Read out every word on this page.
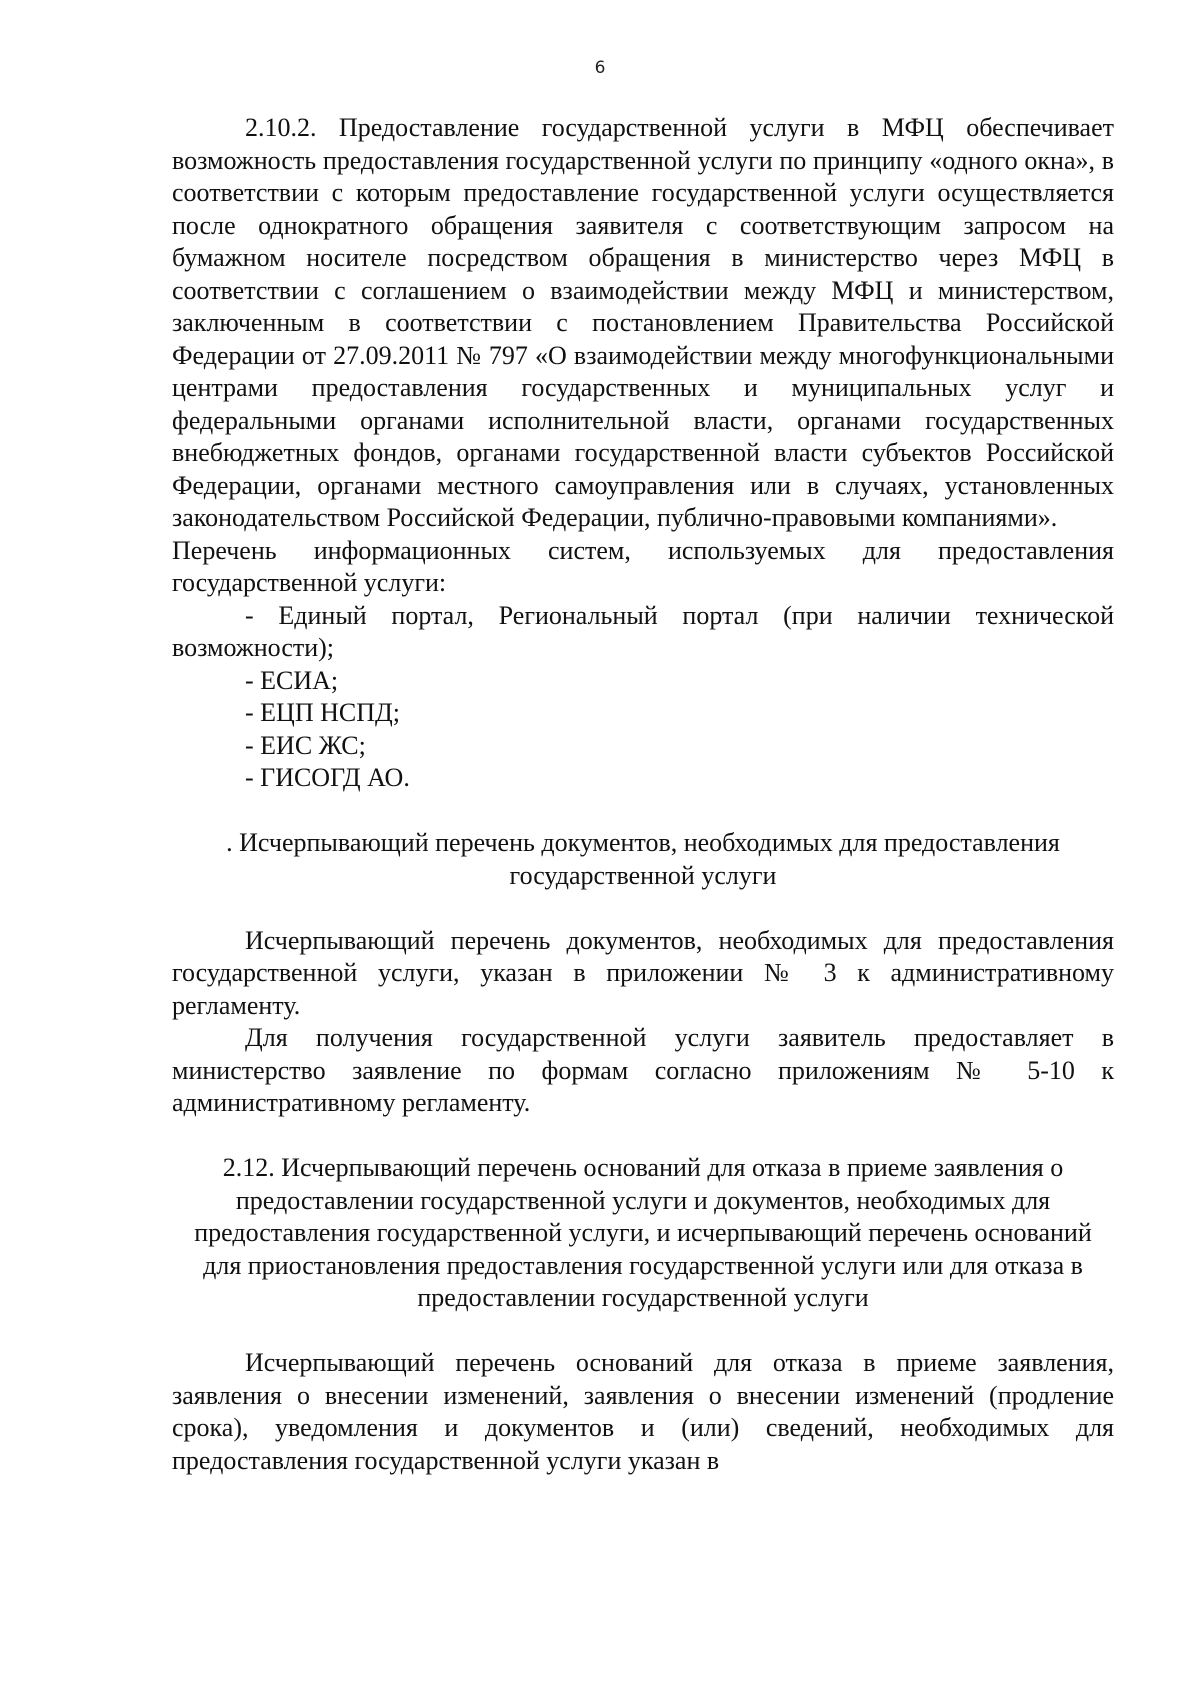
6

2.10.2. Предоставление государственной услуги в МФЦ обеспечивает возможность предоставления государственной услуги по принципу «одного окна», в соответствии с которым предоставление государственной услуги осуществляется после однократного обращения заявителя с соответствующим запросом на бумажном носителе посредством обращения в министерство через МФЦ в соответствии с соглашением о взаимодействии между МФЦ и министерством, заключенным в соответствии с постановлением Правительства Российской Федерации от 27.09.2011 № 797 «О взаимодействии между многофункциональными центрами предоставления государственных и муниципальных услуг и федеральными органами исполнительной власти, органами государственных внебюджетных фондов, органами государственной власти субъектов Российской Федерации, органами местного самоуправления или в случаях, установленных законодательством Российской Федерации, публично-правовыми компаниями».

Перечень информационных систем, используемых для предоставления государственной услуги:

- Единый портал, Региональный портал (при наличии технической возможности);

- ЕСИА;

- ЕЦП НСПД;

- ЕИС ЖС;

- ГИСОГД АО.

. Исчерпывающий перечень документов, необходимых для предоставления государственной услуги

Исчерпывающий перечень документов, необходимых для предоставления государственной услуги, указан в приложении № 3 к административному регламенту.

Для получения государственной услуги заявитель предоставляет в министерство заявление по формам согласно приложениям № 5-10 к административному регламенту.

2.12. Исчерпывающий перечень оснований для отказа в приеме заявления о предоставлении государственной услуги и документов, необходимых для предоставления государственной услуги, и исчерпывающий перечень оснований для приостановления предоставления государственной услуги или для отказа в предоставлении государственной услуги

Исчерпывающий перечень оснований для отказа в приеме заявления, заявления о внесении изменений, заявления о внесении изменений (продление срока), уведомления и документов и (или) сведений, необходимых для предоставления государственной услуги указан в
